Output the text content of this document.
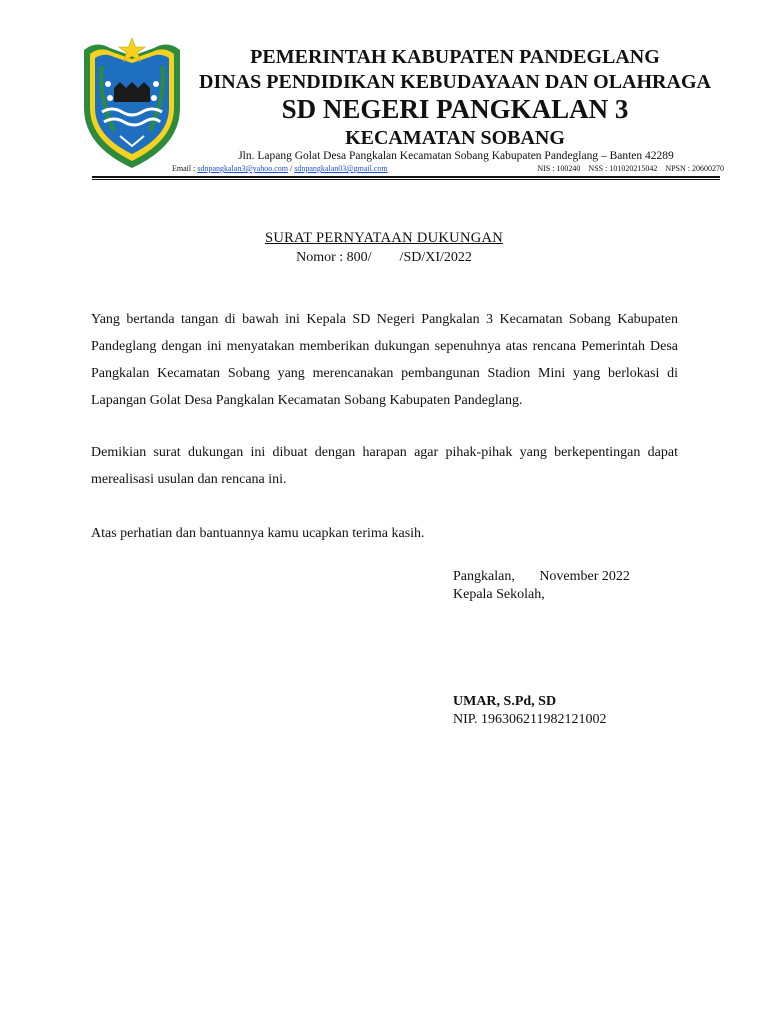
PEMERINTAH KABUPATEN PANDEGLANG
DINAS PENDIDIKAN KEBUDAYAAN DAN OLAHRAGA
SD NEGERI PANGKALAN 3
KECAMATAN SOBANG
Jln. Lapang Golat Desa Pangkalan Kecamatan Sobang Kabupaten Pandeglang – Banten 42289
Email : sdnpangkalan3@yahoo.com / sdnpangkalan03@gmail.com	NIS : 100240    NSS : 101020215042    NPSN : 20600270
SURAT PERNYATAAN DUKUNGAN
Nomor : 800/        /SD/XI/2022
Yang bertanda tangan di bawah ini Kepala SD Negeri Pangkalan 3 Kecamatan Sobang Kabupaten Pandeglang dengan ini menyatakan memberikan dukungan sepenuhnya atas rencana Pemerintah Desa Pangkalan Kecamatan Sobang yang merencanakan pembangunan Stadion Mini yang berlokasi di Lapangan Golat Desa Pangkalan Kecamatan Sobang Kabupaten Pandeglang.
Demikian surat dukungan ini dibuat dengan harapan agar pihak-pihak yang berkepentingan dapat merealisasi usulan dan rencana ini.
Atas perhatian dan bantuannya kamu ucapkan terima kasih.
Pangkalan,       November 2022
Kepala Sekolah,
UMAR, S.Pd, SD
NIP. 196306211982121002
